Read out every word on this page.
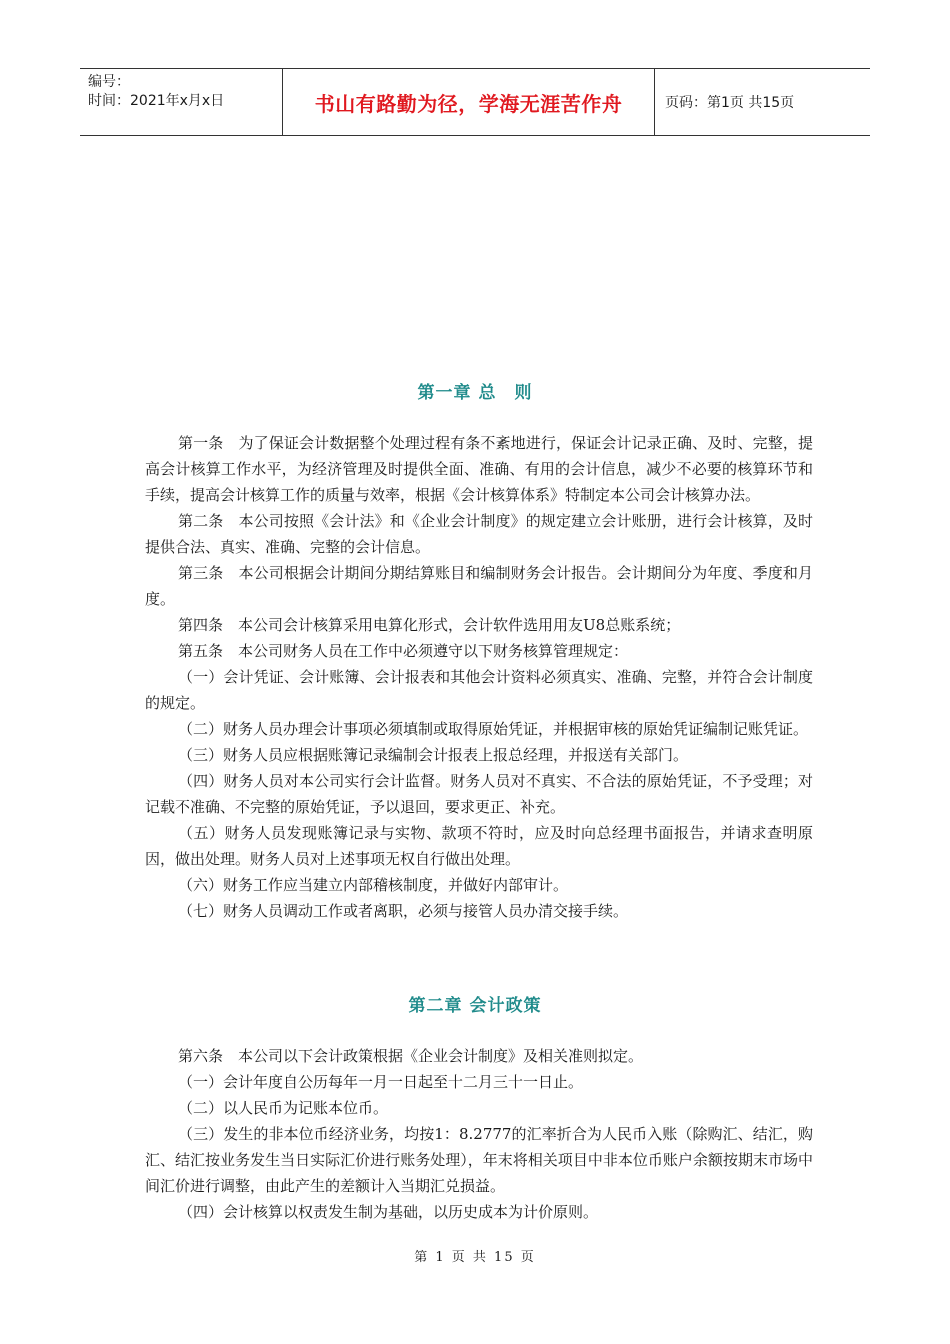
编号：
时间：2021年x月x日	书山有路勤为径，学海无涯苦作舟	页码：第1页 共15页
第一章 总　则

第一条　为了保证会计数据整个处理过程有条不紊地进行，保证会计记录正确、及时、完整，提高会计核算工作水平，为经济管理及时提供全面、准确、有用的会计信息，减少不必要的核算环节和手续，提高会计核算工作的质量与效率，根据《会计核算体系》特制定本公司会计核算办法。

第二条　本公司按照《会计法》和《企业会计制度》的规定建立会计账册，进行会计核算，及时提供合法、真实、准确、完整的会计信息。

第三条　本公司根据会计期间分期结算账目和编制财务会计报告。会计期间分为年度、季度和月度。

第四条　本公司会计核算采用电算化形式，会计软件选用用友U8总账系统；

第五条　本公司财务人员在工作中必须遵守以下财务核算管理规定：

（一）会计凭证、会计账簿、会计报表和其他会计资料必须真实、准确、完整，并符合会计制度的规定。

（二）财务人员办理会计事项必须填制或取得原始凭证，并根据审核的原始凭证编制记账凭证。

（三）财务人员应根据账簿记录编制会计报表上报总经理，并报送有关部门。

（四）财务人员对本公司实行会计监督。财务人员对不真实、不合法的原始凭证，不予受理；对记载不准确、不完整的原始凭证，予以退回，要求更正、补充。

（五）财务人员发现账簿记录与实物、款项不符时，应及时向总经理书面报告，并请求查明原因，做出处理。财务人员对上述事项无权自行做出处理。

（六）财务工作应当建立内部稽核制度，并做好内部审计。

（七）财务人员调动工作或者离职，必须与接管人员办清交接手续。

第二章 会计政策

第六条　本公司以下会计政策根据《企业会计制度》及相关准则拟定。

（一）会计年度自公历每年一月一日起至十二月三十一日止。

（二）以人民币为记账本位币。

（三）发生的非本位币经济业务，均按1：8.2777的汇率折合为人民币入账（除购汇、结汇，购汇、结汇按业务发生当日实际汇价进行账务处理），年末将相关项目中非本位币账户余额按期末市场中间汇价进行调整，由此产生的差额计入当期汇兑损益。

（四）会计核算以权责发生制为基础，以历史成本为计价原则。

第 1 页 共 15 页
